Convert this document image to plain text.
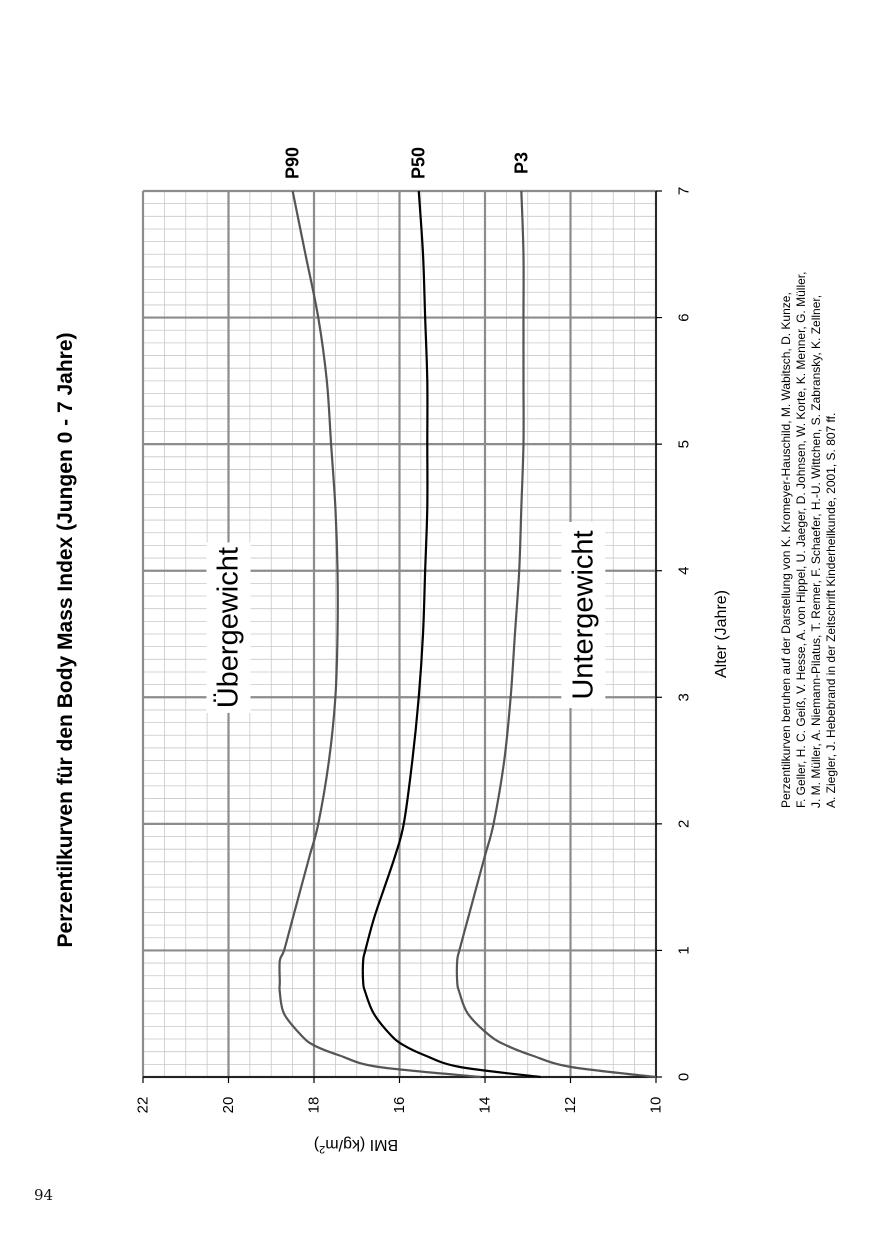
P90	P50	P3
Übergewicht	Untergewicht
0
1
2
3
4
5
6
7
10
12
14
16
18
20
22
Perzentilkurven für den Body Mass Index (Jungen 0 - 7 Jahre)	Alter (Jahre)
BMI $(kg/m^2)$
Perzentilkurven beruhen auf der Darstellung von K. Kromeyer-Hauschild, M. Wabitsch, D. Kunze, F. Geller, H. C. Geiß, V. Hesse, A. von Hippel, U. Jaeger, D. Johnsen, W. Korte, K. Menner, G. Müller, J. M. Müller, A. Niemann-Pilatus, T. Remer, F. Schaefer, H.-U. Wittchen, S. Zabransky, K. Zellner, A. Ziegler, J. Hebebrand in der Zeitschrift Kinderheilkunde, 2001, S. 807 ff.
94
